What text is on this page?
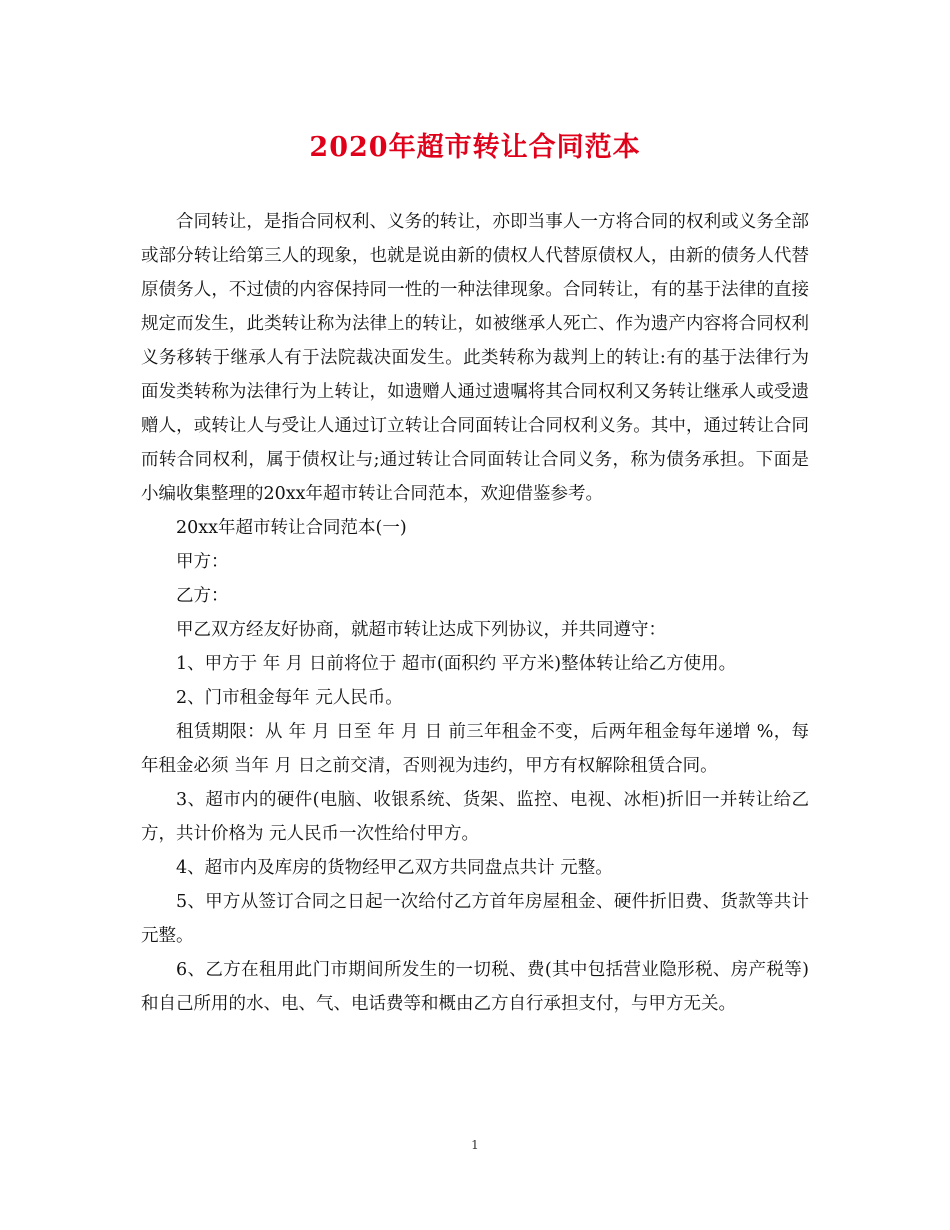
2020年超市转让合同范本

合同转让，是指合同权利、义务的转让，亦即当事人一方将合同的权利或义务全部或部分转让给第三人的现象，也就是说由新的债权人代替原债权人，由新的债务人代替原债务人，不过债的内容保持同一性的一种法律现象。合同转让，有的基于法律的直接规定而发生，此类转让称为法律上的转让，如被继承人死亡、作为遗产内容将合同权利义务移转于继承人有于法院裁决面发生。此类转称为裁判上的转让:有的基于法律行为面发类转称为法律行为上转让，如遗赠人通过遗嘱将其合同权利又务转让继承人或受遗赠人，或转让人与受让人通过订立转让合同面转让合同权利义务。其中，通过转让合同而转合同权利，属于债权让与;通过转让合同面转让合同义务，称为债务承担。下面是小编收集整理的20xx年超市转让合同范本，欢迎借鉴参考。

20xx年超市转让合同范本(一)

甲方：

乙方：

甲乙双方经友好协商，就超市转让达成下列协议，并共同遵守：

1、甲方于 年 月 日前将位于 超市(面积约 平方米)整体转让给乙方使用。

2、门市租金每年 元人民币。

租赁期限：从 年 月 日至 年 月 日 前三年租金不变，后两年租金每年递增 %，每年租金必须 当年 月 日之前交清，否则视为违约，甲方有权解除租赁合同。

3、超市内的硬件(电脑、收银系统、货架、监控、电视、冰柜)折旧一并转让给乙方，共计价格为 元人民币一次性给付甲方。

4、超市内及库房的货物经甲乙双方共同盘点共计 元整。

5、甲方从签订合同之日起一次给付乙方首年房屋租金、硬件折旧费、货款等共计 元整。

6、乙方在租用此门市期间所发生的一切税、费(其中包括营业隐形税、房产税等)和自己所用的水、电、气、电话费等和概由乙方自行承担支付，与甲方无关。

1
